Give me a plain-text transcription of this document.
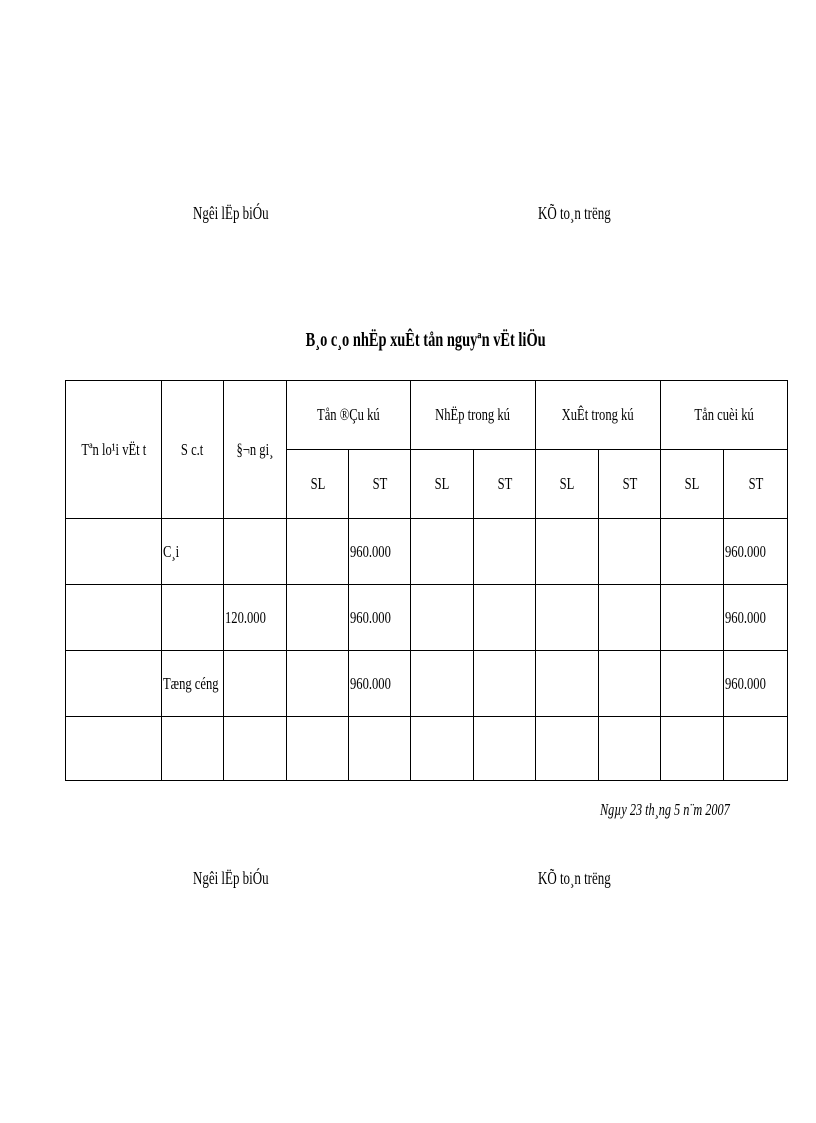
Ngêi lËp biÓu	KÕ to¸n trëng
B¸o c¸o nhËp xuÊt tån nguyªn vËt liÖu
Tªn lo¹i vËt t	S c.t	§¬n gi¸	Tån ®Çu kú		NhËp trong kú		XuÊt trong kú		Tån cuèi kú	
			SL	ST	SL	ST	SL	ST	SL	ST
	C¸i			960.000						960.000
		120.000		960.000						960.000
	Tæng céng			960.000						960.000

Ngµy 23 th¸ng 5 n¨m 2007
Ngêi lËp biÓu	KÕ to¸n trëng
